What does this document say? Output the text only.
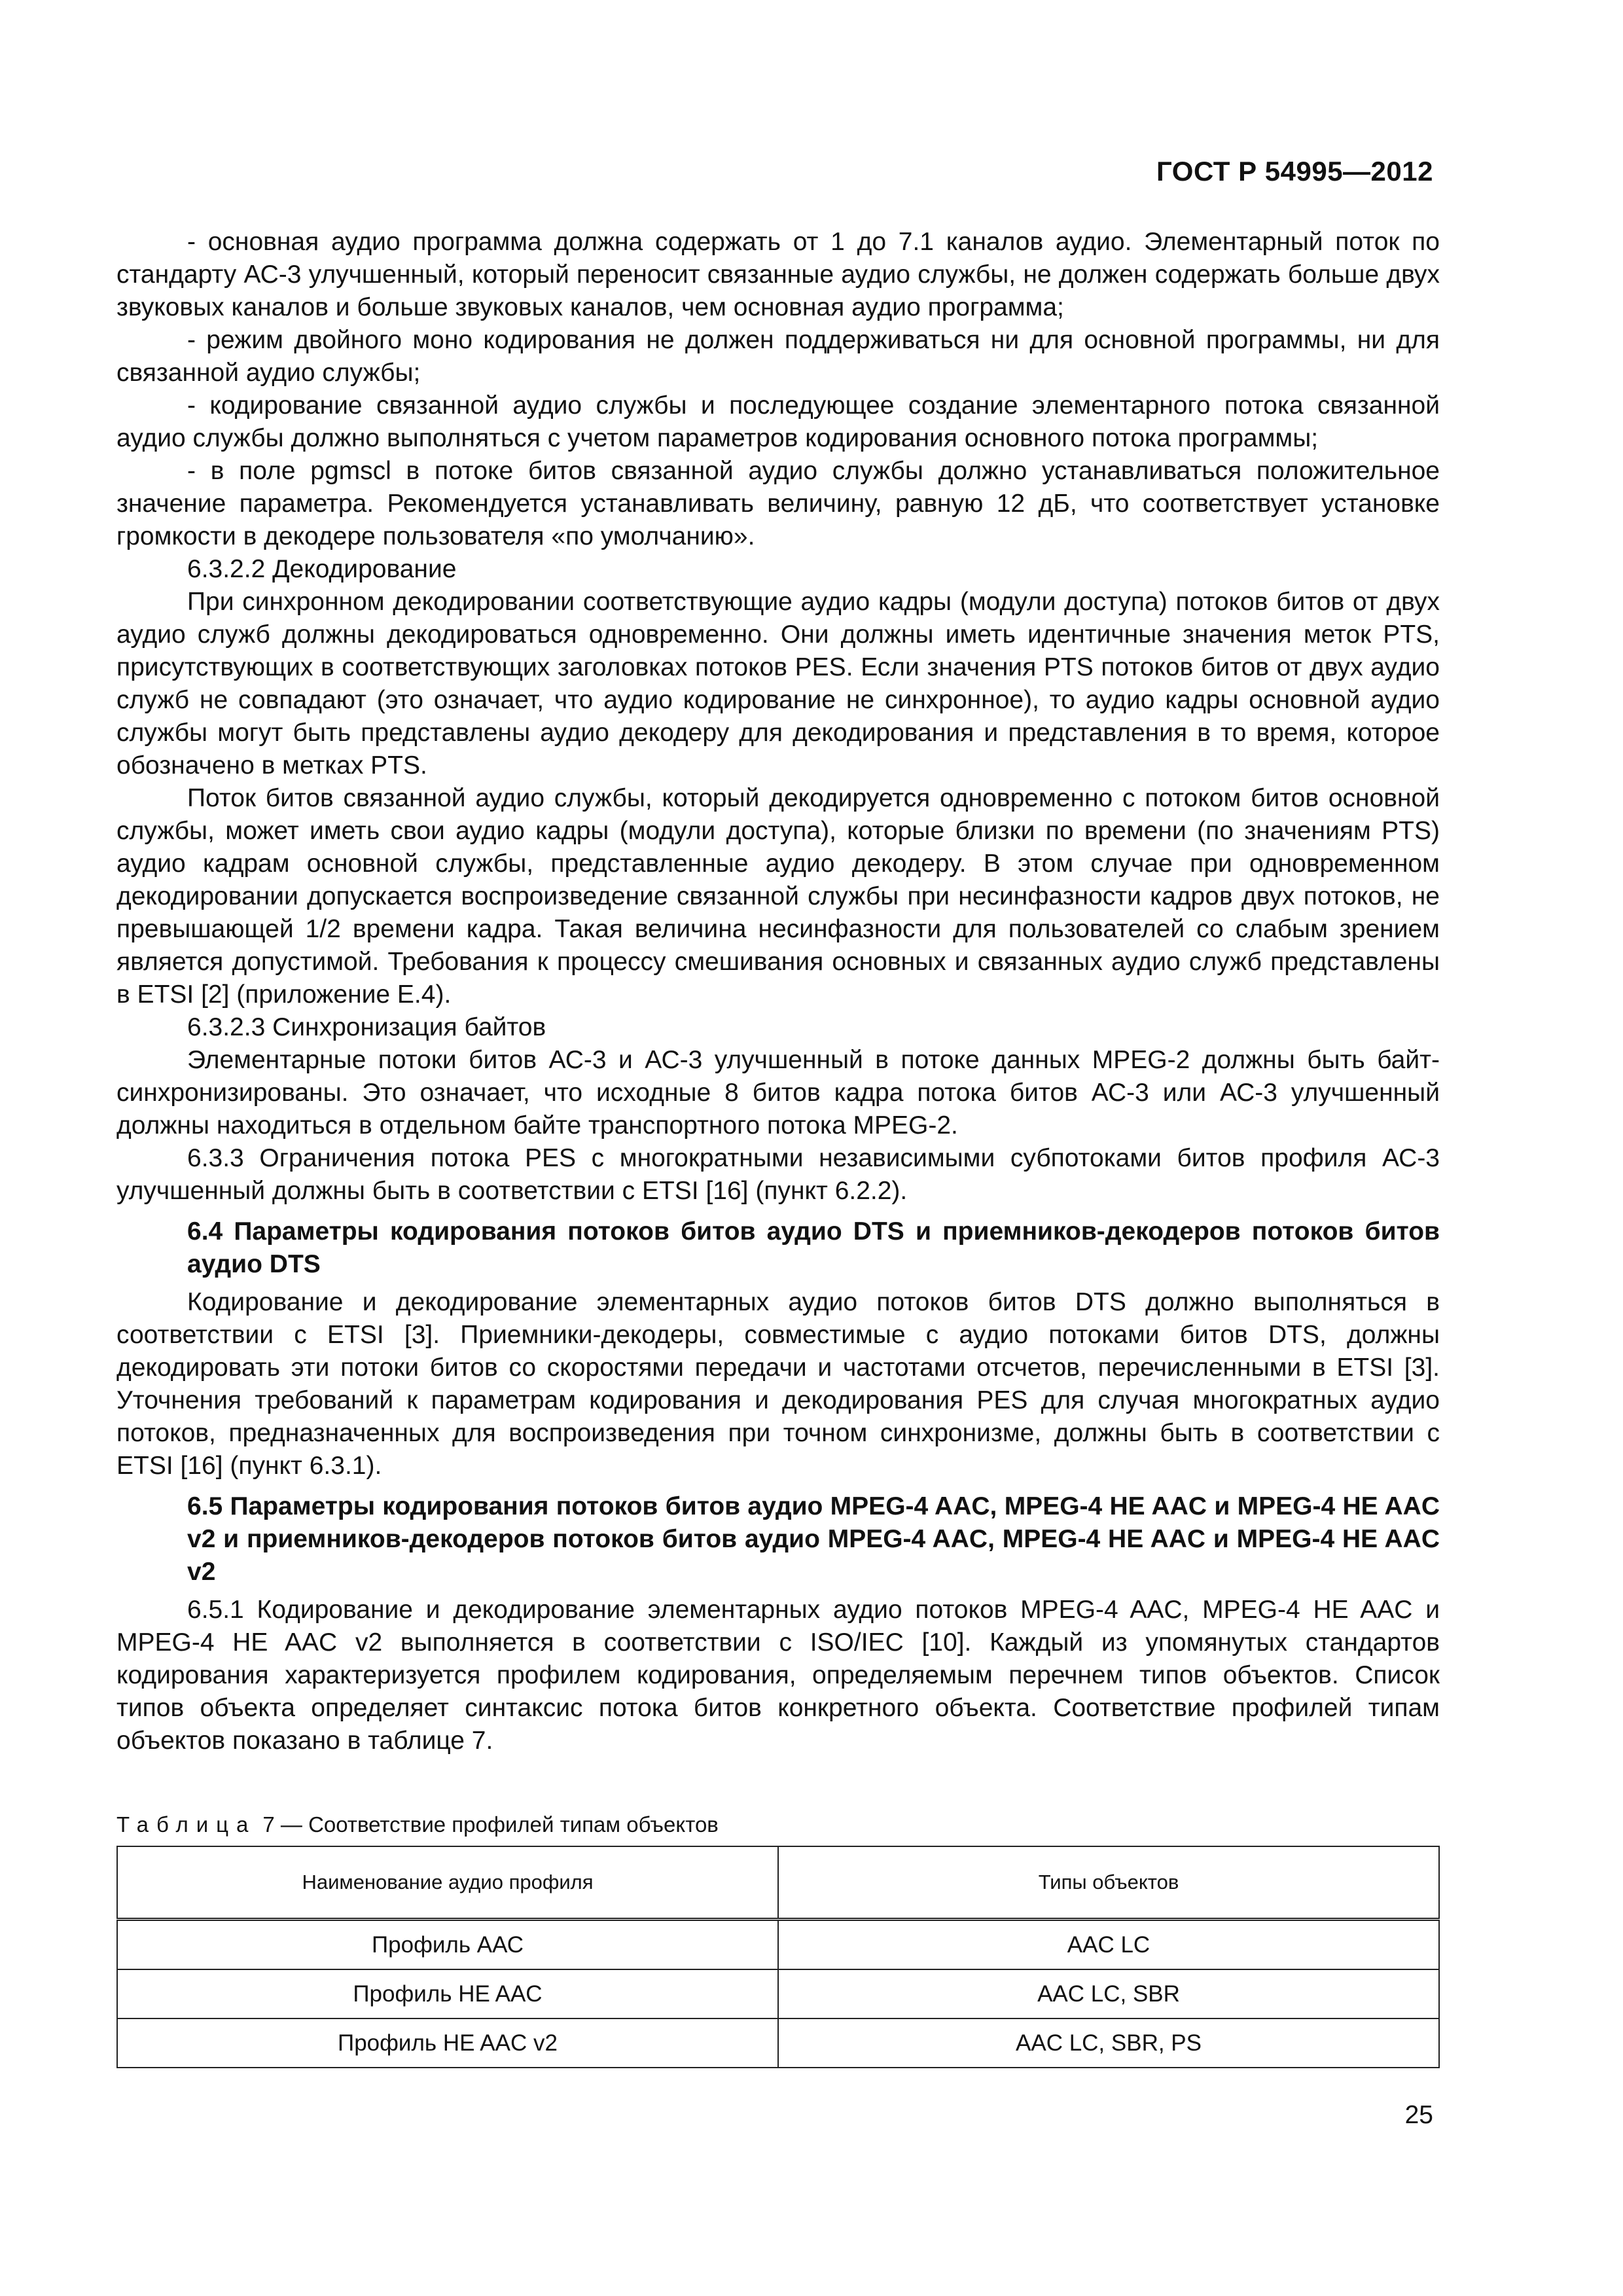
ГОСТ Р 54995—2012

- основная аудио программа должна содержать от 1 до 7.1 каналов аудио. Элементарный поток по стандарту АС-3 улучшенный, который переносит связанные аудио службы, не должен содержать больше двух звуковых каналов и больше звуковых каналов, чем основная аудио программа;

- режим двойного моно кодирования не должен поддерживаться ни для основной программы, ни для связанной аудио службы;

- кодирование связанной аудио службы и последующее создание элементарного потока связанной аудио службы должно выполняться с учетом параметров кодирования основного потока программы;

- в поле pgmscl в потоке битов связанной аудио службы должно устанавливаться положительное значение параметра. Рекомендуется устанавливать величину, равную 12 дБ, что соответствует установке громкости в декодере пользователя «по умолчанию».

6.3.2.2 Декодирование

При синхронном декодировании соответствующие аудио кадры (модули доступа) потоков битов от двух аудио служб должны декодироваться одновременно. Они должны иметь идентичные значения меток PTS, присутствующих в соответствующих заголовках потоков PES. Если значения PTS потоков битов от двух аудио служб не совпадают (это означает, что аудио кодирование не синхронное), то аудио кадры основной аудио службы могут быть представлены аудио декодеру для декодирования и представления в то время, которое обозначено в метках PTS.

Поток битов связанной аудио службы, который декодируется одновременно с потоком битов основной службы, может иметь свои аудио кадры (модули доступа), которые близки по времени (по значениям PTS) аудио кадрам основной службы, представленные аудио декодеру. В этом случае при одновременном декодировании допускается воспроизведение связанной службы при несинфазности кадров двух потоков, не превышающей 1/2 времени кадра. Такая величина несинфазности для пользователей со слабым зрением является допустимой. Требования к процессу смешивания основных и связанных аудио служб представлены в ETSI [2] (приложение Е.4).

6.3.2.3 Синхронизация байтов

Элементарные потоки битов АС-3 и АС-3 улучшенный в потоке данных MPEG-2 должны быть байт-синхронизированы. Это означает, что исходные 8 битов кадра потока битов АС-3 или АС-3 улучшенный должны находиться в отдельном байте транспортного потока MPEG-2.

6.3.3 Ограничения потока PES с многократными независимыми субпотоками битов профиля АС-3 улучшенный должны быть в соответствии с ETSI [16] (пункт 6.2.2).

6.4 Параметры кодирования потоков битов аудио DTS и приемников-декодеров потоков битов аудио DTS

Кодирование и декодирование элементарных аудио потоков битов DTS должно выполняться в соответствии с ETSI [3]. Приемники-декодеры, совместимые с аудио потоками битов DTS, должны декодировать эти потоки битов со скоростями передачи и частотами отсчетов, перечисленными в ETSI [3]. Уточнения требований к параметрам кодирования и декодирования PES для случая многократных аудио потоков, предназначенных для воспроизведения при точном синхронизме, должны быть в соответствии с ETSI [16] (пункт 6.3.1).

6.5 Параметры кодирования потоков битов аудио MPEG-4 AAC, MPEG-4 HE AAC и MPEG-4 HE AAC v2 и приемников-декодеров потоков битов аудио MPEG-4 AAC, MPEG-4 HE AAC и MPEG-4 HE AAC v2

6.5.1 Кодирование и декодирование элементарных аудио потоков MPEG-4 AAC, MPEG-4 HE AAC и MPEG-4 HE AAC v2 выполняется в соответствии с ISO/IEC [10]. Каждый из упомянутых стандартов кодирования характеризуется профилем кодирования, определяемым перечнем типов объектов. Список типов объекта определяет синтаксис потока битов конкретного объекта. Соответствие профилей типам объектов показано в таблице 7.

Таблица 7 — Соответствие профилей типам объектов
Наименование аудио профиля	Типы объектов
Профиль ААС	AAC LC
Профиль HE AAC	AAC LC, SBR
Профиль HE AAC v2	AAC LC, SBR, PS
25
